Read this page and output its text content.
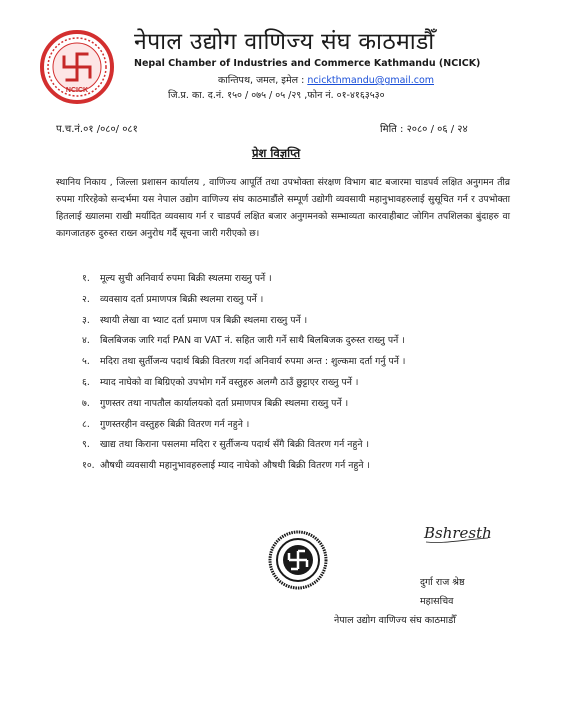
NCICK
नेपाल उद्योग वाणिज्य संघ काठमाडौँ
Nepal Chamber of Industries and Commerce Kathmandu (NCICK)
कान्तिपथ, जमल, इमेल : ncickthmandu@gmail.com
जि.प्र. का. द.नं. १५० / ०७५ / ०५ /२९ ,फोन नं. ०१-४१६३५३०
प.च.नं.०१ /०८०/ ०८१	मिति : २०८० / ०६ / २४
प्रेश विज्ञप्ति
स्थानिय निकाय , जिल्ला प्रशासन कार्यालय , वाणिज्य आपूर्ति तथा उपभोक्ता संरक्षण विभाग बाट बजारमा चाडपर्व लक्षित अनुगमन तीव्र रुपमा गरिरहेको सन्दर्भमा यस नेपाल उद्योग वाणिज्य संघ काठमाडौंले सम्पूर्ण उद्योगी व्यवसायी महानुभावहरुलाई सुसूचित गर्न र उपभोक्ता हितलाई ख्यालमा राखी मर्यादित व्यवसाय गर्न र चाडपर्व लक्षित बजार अनुगमनको सम्भाव्यता कारवाहीबाट जोगिन तपशिलका बुंदाहरु वा कागजातहरु दुरुस्त राख्न अनुरोध गर्दै सूचना जारी गरीएको छ।
१. मूल्य सुची अनिवार्य रुपमा बिक्री स्थलमा राख्नु पर्ने ।
२. व्यवसाय दर्ता प्रमाणपत्र बिक्री स्थलमा राख्नु पर्ने ।
३. स्थायी लेखा वा भ्याट दर्ता प्रमाण पत्र बिक्री स्थलमा राख्नु पर्ने ।
४. बिलबिजक जारि गर्दा PAN वा VAT नं. सहित जारी गर्ने साथै बिलबिजक दुरुस्त राख्नु पर्ने ।
५. मदिरा तथा सुर्तीजन्य पदार्थ बिक्री वितरण गर्दा अनिवार्य रुपमा अन्त : शुल्कमा दर्ता गर्नु पर्ने ।
६. म्याद नाघेको वा बिग्रिएको उपभोग गर्ने वस्तुहरु अलग्गै ठाउँ छुट्टाएर राख्नु पर्ने ।
७. गुणस्तर तथा नापतौल कार्यालयको दर्ता प्रमाणपत्र बिक्री स्थलमा राख्नु पर्ने ।
८. गुणस्तरहीन वस्तुहरु बिक्री वितरण गर्न नहुने ।
९. खाद्य तथा किराना पसलमा मदिरा र सुर्तीजन्य पदार्थ सँगै बिक्री वितरण गर्न नहुने ।
१०. औषधी व्यवसायी महानुभावहरुलाई म्याद नाघेको औषधी बिक्री वितरण गर्न नहुने ।
Bshresth
दुर्गा राज श्रेष्ठ
महासचिव
नेपाल उद्योग वाणिज्य संघ काठमाडौँ
